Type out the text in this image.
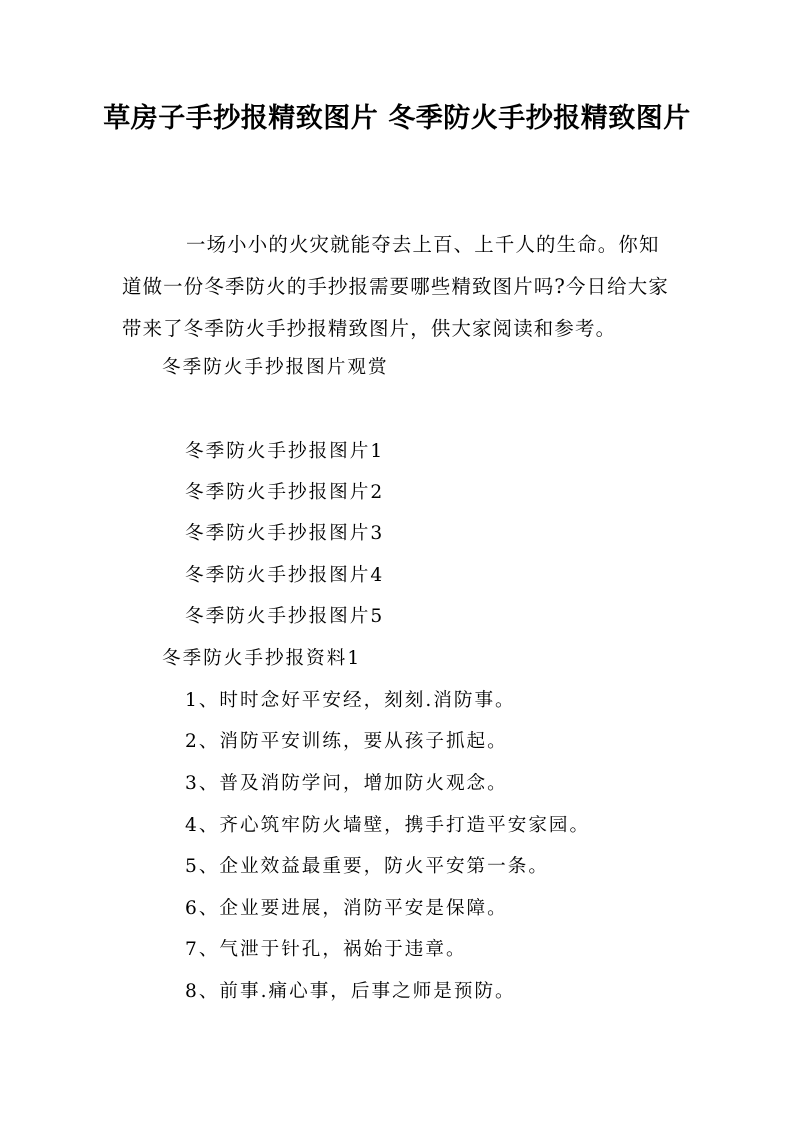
草房子手抄报精致图片 冬季防火手抄报精致图片
一场小小的火灾就能夺去上百、上千人的生命。你知道做一份冬季防火的手抄报需要哪些精致图片吗?今日给大家带来了冬季防火手抄报精致图片，供大家阅读和参考。
冬季防火手抄报图片观赏
冬季防火手抄报图片1
冬季防火手抄报图片2
冬季防火手抄报图片3
冬季防火手抄报图片4
冬季防火手抄报图片5
冬季防火手抄报资料1
1、时时念好平安经，刻刻.消防事。
2、消防平安训练，要从孩子抓起。
3、普及消防学问，增加防火观念。
4、齐心筑牢防火墙壁，携手打造平安家园。
5、企业效益最重要，防火平安第一条。
6、企业要进展，消防平安是保障。
7、气泄于针孔，祸始于违章。
8、前事.痛心事，后事之师是预防。
